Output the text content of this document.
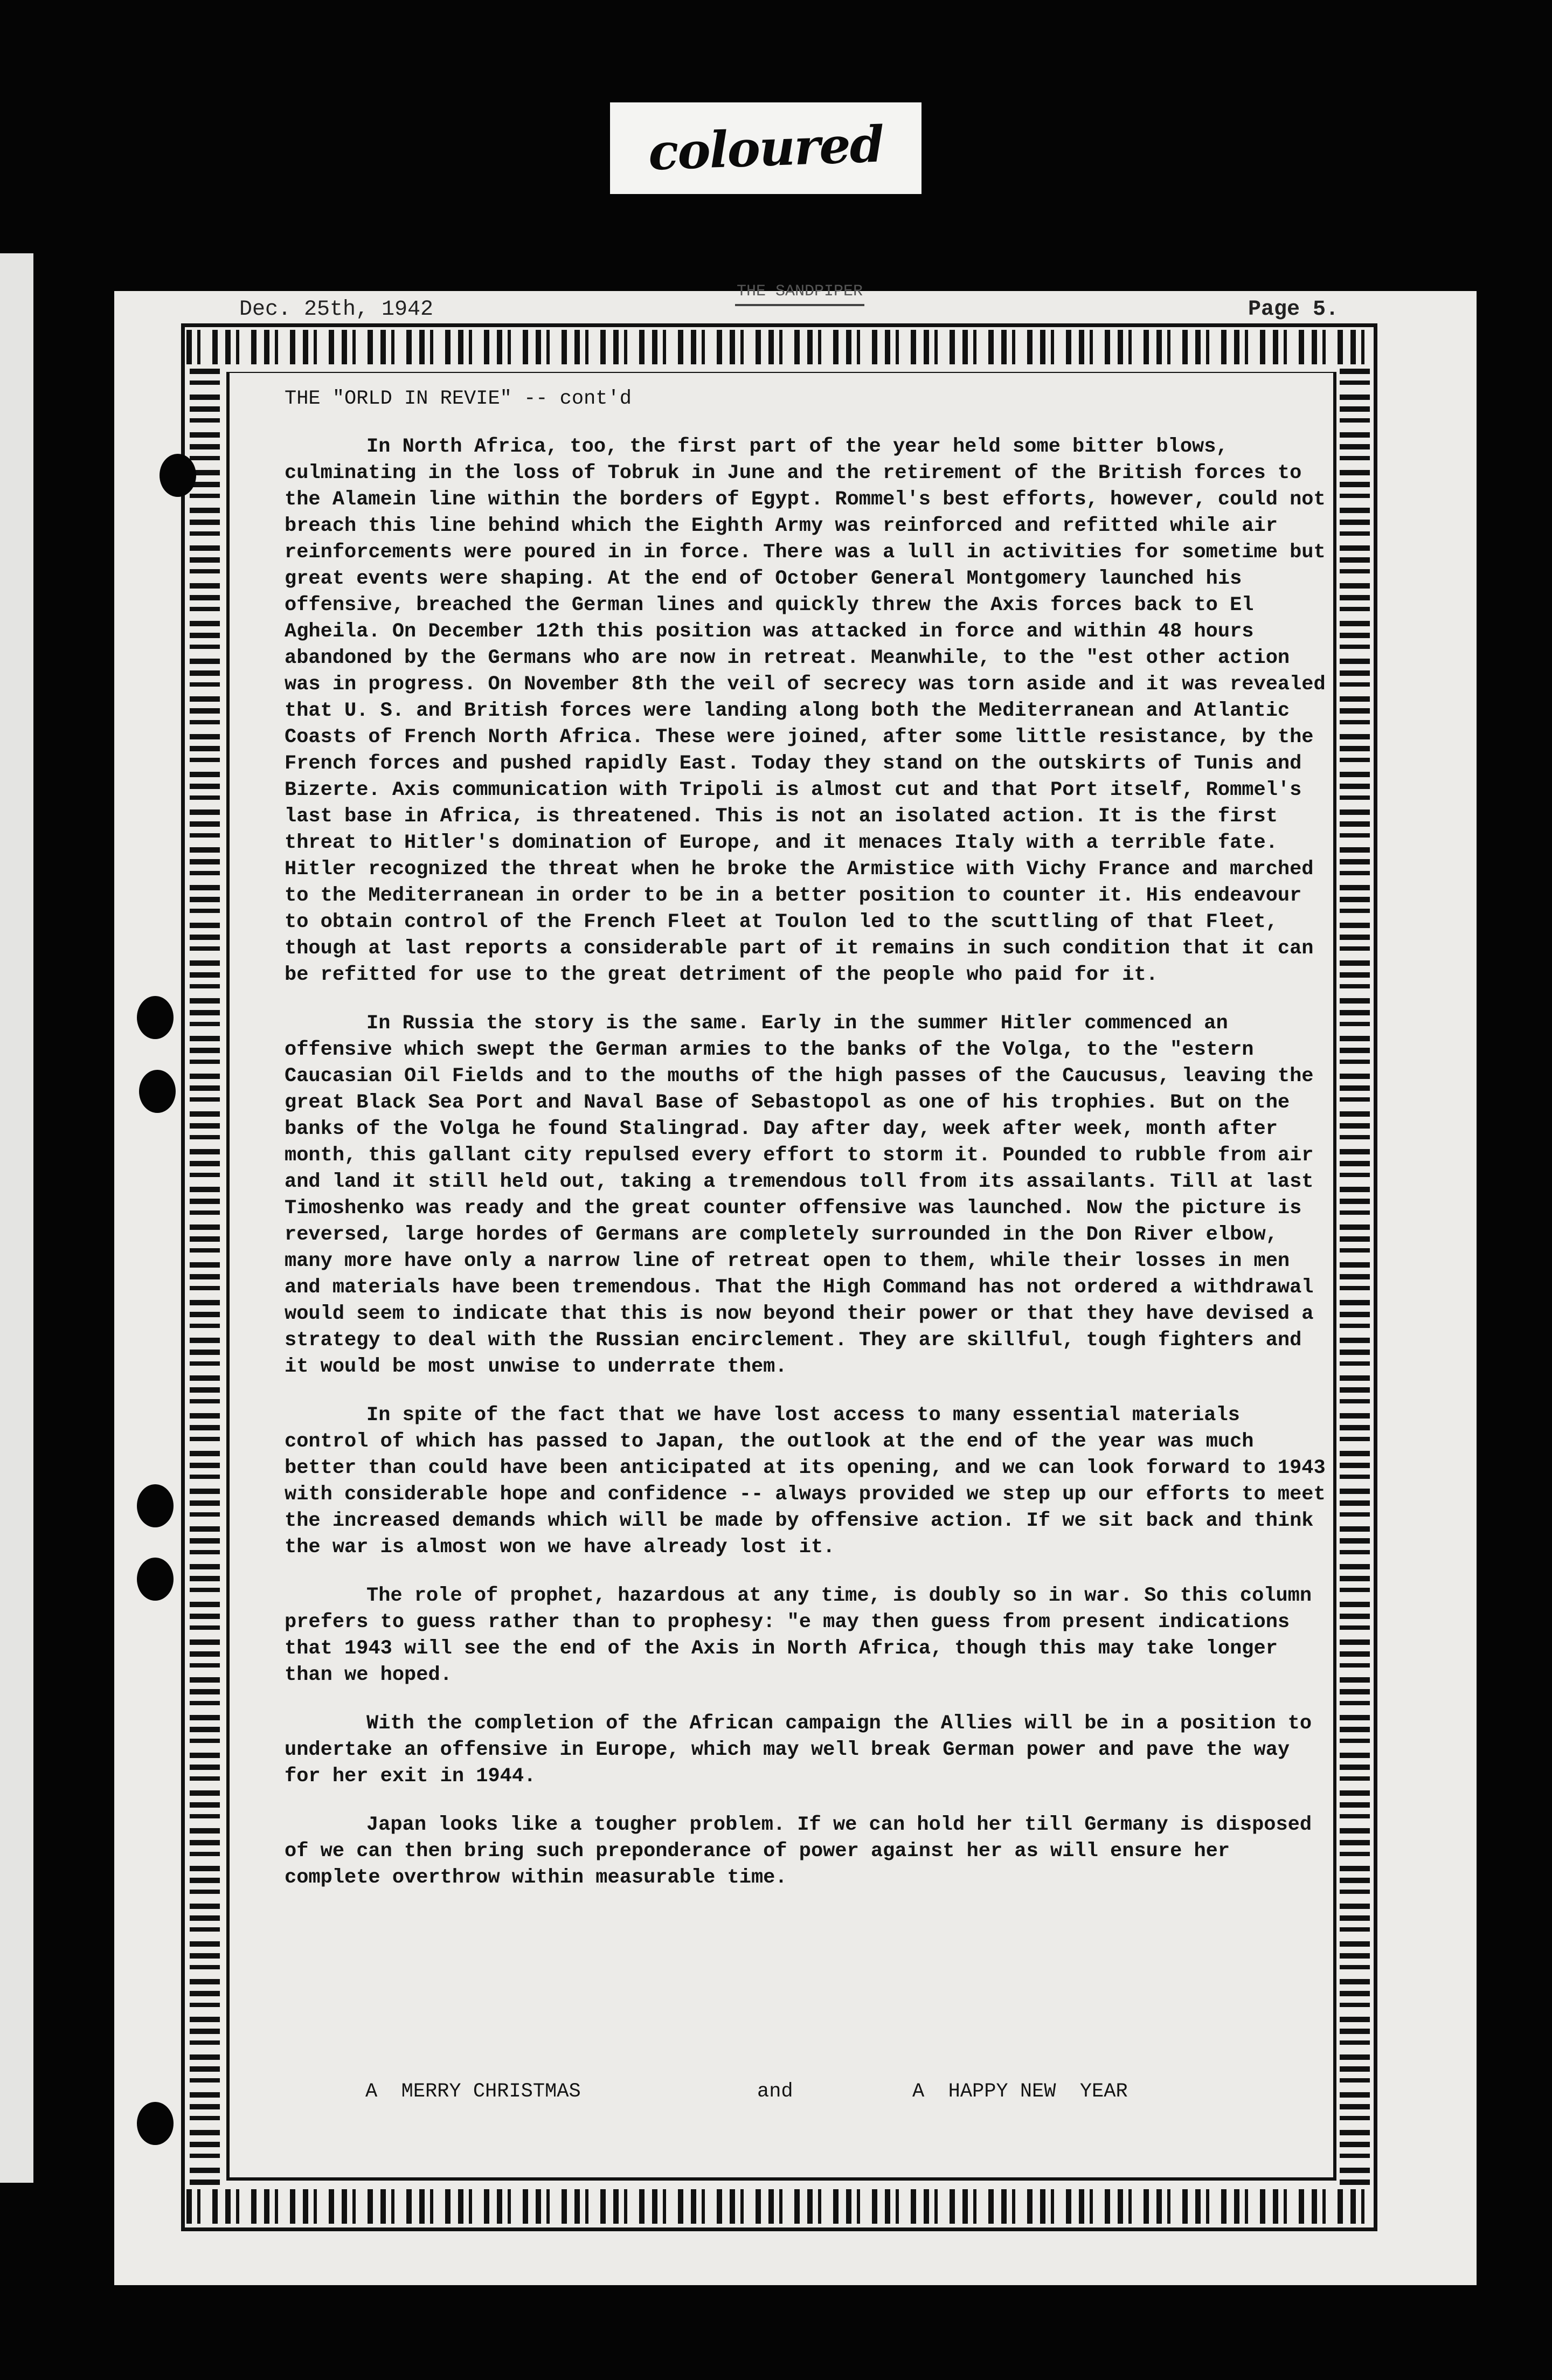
coloured
Dec. 25th, 1942
THE SANDPIPER
Page 5.
THE "ORLD IN REVIE" -- cont'd

In North Africa, too, the first part of the year held some bitter blows, culminating in the loss of Tobruk in June and the retirement of the British forces to the Alamein line within the borders of Egypt. Rommel's best efforts, however, could not breach this line behind which the Eighth Army was reinforced and refitted while air reinforcements were poured in in force. There was a lull in activities for sometime but great events were shaping. At the end of October General Montgomery launched his offensive, breached the German lines and quickly threw the Axis forces back to El Agheila. On December 12th this position was attacked in force and within 48 hours abandoned by the Germans who are now in retreat. Meanwhile, to the "est other action was in progress. On November 8th the veil of secrecy was torn aside and it was revealed that U. S. and British forces were landing along both the Mediterranean and Atlantic Coasts of French North Africa. These were joined, after some little resistance, by the French forces and pushed rapidly East. Today they stand on the outskirts of Tunis and Bizerte. Axis communication with Tripoli is almost cut and that Port itself, Rommel's last base in Africa, is threatened. This is not an isolated action. It is the first threat to Hitler's domination of Europe, and it menaces Italy with a terrible fate. Hitler recognized the threat when he broke the Armistice with Vichy France and marched to the Mediterranean in order to be in a better position to counter it. His endeavour to obtain control of the French Fleet at Toulon led to the scuttling of that Fleet, though at last reports a considerable part of it remains in such condition that it can be refitted for use to the great detriment of the people who paid for it.

In Russia the story is the same. Early in the summer Hitler commenced an offensive which swept the German armies to the banks of the Volga, to the "estern Caucasian Oil Fields and to the mouths of the high passes of the Caucusus, leaving the great Black Sea Port and Naval Base of Sebastopol as one of his trophies. But on the banks of the Volga he found Stalingrad. Day after day, week after week, month after month, this gallant city repulsed every effort to storm it. Pounded to rubble from air and land it still held out, taking a tremendous toll from its assailants. Till at last Timoshenko was ready and the great counter offensive was launched. Now the picture is reversed, large hordes of Germans are completely surrounded in the Don River elbow, many more have only a narrow line of retreat open to them, while their losses in men and materials have been tremendous. That the High Command has not ordered a withdrawal would seem to indicate that this is now beyond their power or that they have devised a strategy to deal with the Russian encirclement. They are skillful, tough fighters and it would be most unwise to underrate them.

In spite of the fact that we have lost access to many essential materials control of which has passed to Japan, the outlook at the end of the year was much better than could have been anticipated at its opening, and we can look forward to 1943 with considerable hope and confidence -- always provided we step up our efforts to meet the increased demands which will be made by offensive action. If we sit back and think the war is almost won we have already lost it.

The role of prophet, hazardous at any time, is doubly so in war. So this column prefers to guess rather than to prophesy: "e may then guess from present indications that 1943 will see the end of the Axis in North Africa, though this may take longer than we hoped.

With the completion of the African campaign the Allies will be in a position to undertake an offensive in Europe, which may well break German power and pave the way for her exit in 1944.

Japan looks like a tougher problem. If we can hold her till Germany is disposed of we can then bring such preponderance of power against her as will ensure her complete overthrow within measurable time.

A  MERRY CHRISTMAS	and	A  HAPPY NEW  YEAR
